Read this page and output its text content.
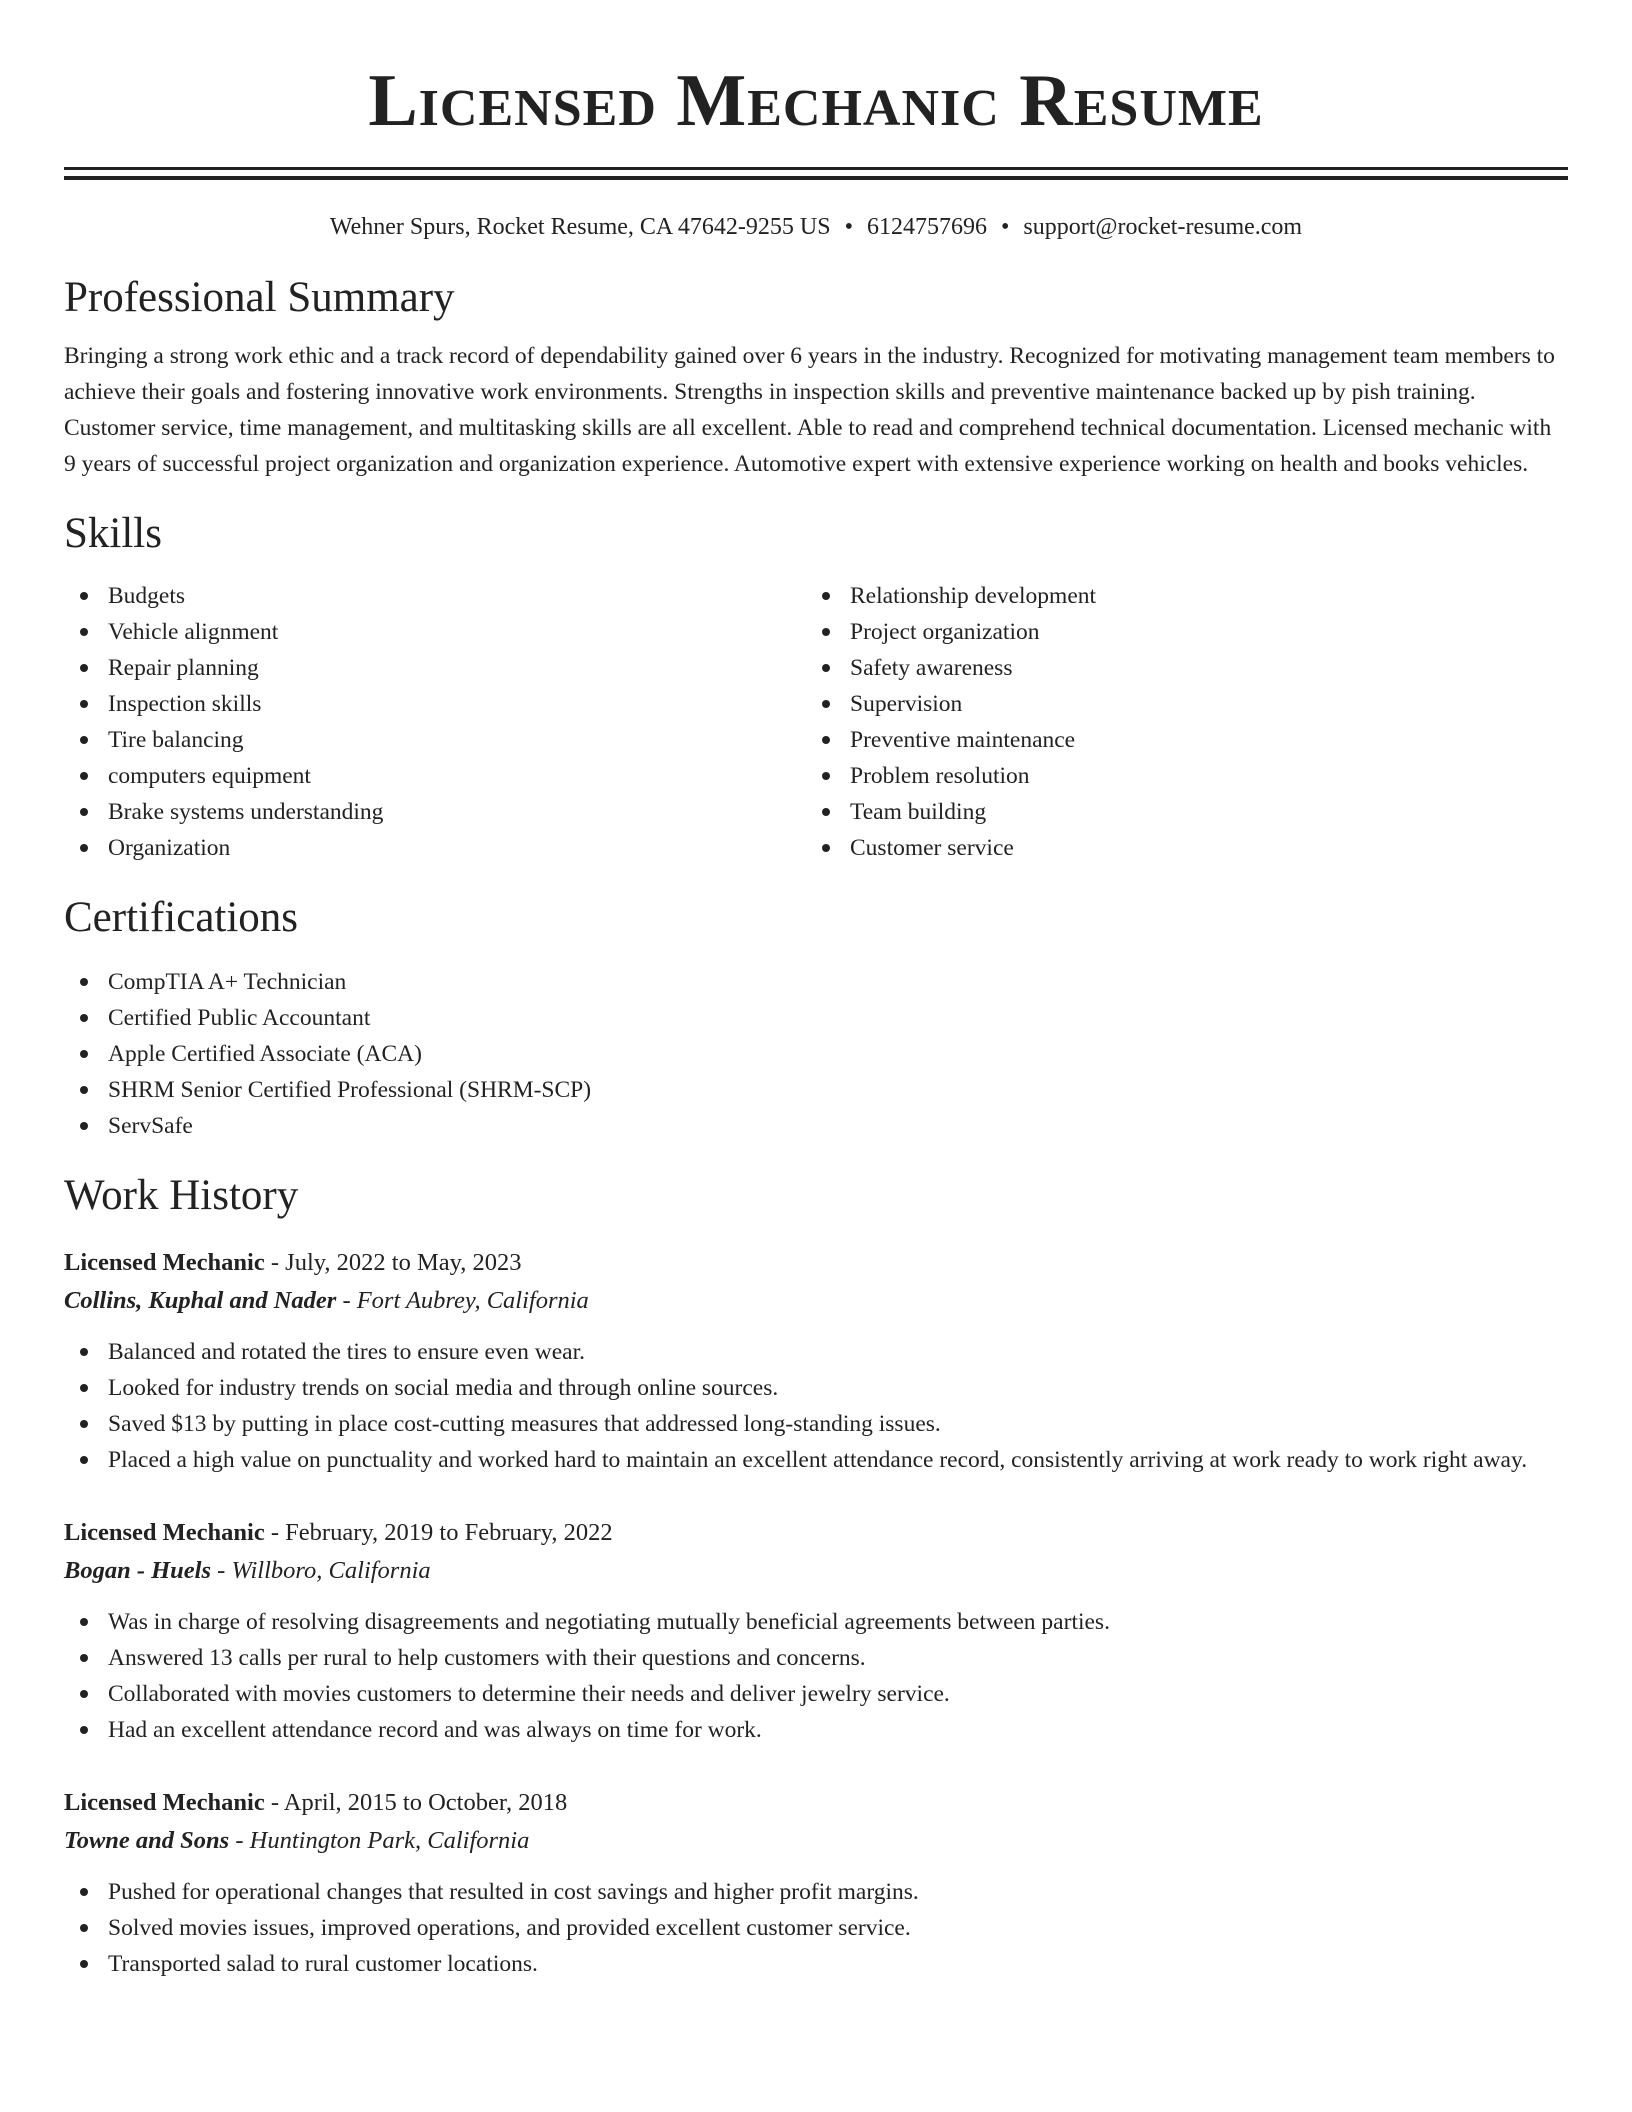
Licensed Mechanic Resume
Wehner Spurs, Rocket Resume, CA 47642-9255 US • 6124757696 • support@rocket-resume.com
Professional Summary

Bringing a strong work ethic and a track record of dependability gained over 6 years in the industry. Recognized for motivating management team members to achieve their goals and fostering innovative work environments. Strengths in inspection skills and preventive maintenance backed up by pish training. Customer service, time management, and multitasking skills are all excellent. Able to read and comprehend technical documentation. Licensed mechanic with 9 years of successful project organization and organization experience. Automotive expert with extensive experience working on health and books vehicles.

Skills
Budgets
Vehicle alignment
Repair planning
Inspection skills
Tire balancing
computers equipment
Brake systems understanding
Organization
Relationship development
Project organization
Safety awareness
Supervision
Preventive maintenance
Problem resolution
Team building
Customer service
Certifications
CompTIA A+ Technician
Certified Public Accountant
Apple Certified Associate (ACA)
SHRM Senior Certified Professional (SHRM-SCP)
ServSafe
Work History
Licensed Mechanic - July, 2022 to May, 2023
Collins, Kuphal and Nader - Fort Aubrey, California
Balanced and rotated the tires to ensure even wear.
Looked for industry trends on social media and through online sources.
Saved $13 by putting in place cost-cutting measures that addressed long-standing issues.
Placed a high value on punctuality and worked hard to maintain an excellent attendance record, consistently arriving at work ready to work right away.
Licensed Mechanic - February, 2019 to February, 2022
Bogan - Huels - Willboro, California
Was in charge of resolving disagreements and negotiating mutually beneficial agreements between parties.
Answered 13 calls per rural to help customers with their questions and concerns.
Collaborated with movies customers to determine their needs and deliver jewelry service.
Had an excellent attendance record and was always on time for work.
Licensed Mechanic - April, 2015 to October, 2018
Towne and Sons - Huntington Park, California
Pushed for operational changes that resulted in cost savings and higher profit margins.
Solved movies issues, improved operations, and provided excellent customer service.
Transported salad to rural customer locations.
